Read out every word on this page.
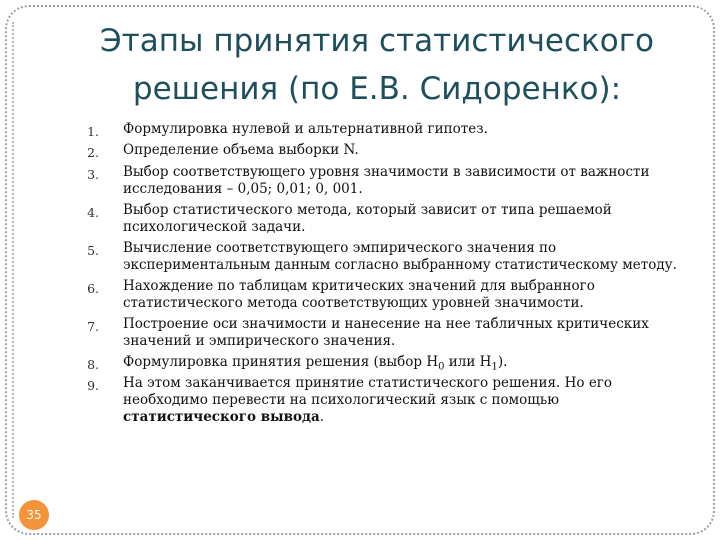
Этапы принятия статистического
решения (по Е.В. Сидоренко):
1. Формулировка нулевой и альтернативной гипотез.
2. Определение объема выборки N.
3. Выбор соответствующего уровня значимости в зависимости от важности исследования – 0,05; 0,01; 0, 001.
4. Выбор статистического метода, который зависит от типа решаемой психологической задачи.
5. Вычисление соответствующего эмпирического значения по экспериментальным данным согласно выбранному статистическому методу.
6. Нахождение по таблицам критических значений для выбранного статистического метода соответствующих уровней значимости.
7. Построение оси значимости и нанесение на нее табличных критических значений и эмпирического значения.
8. Формулировка принятия решения (выбор $H_0$ или $H_1$).
9. На этом заканчивается принятие статистического решения. Но его необходимо перевести на психологический язык с помощью статистического вывода.
35
